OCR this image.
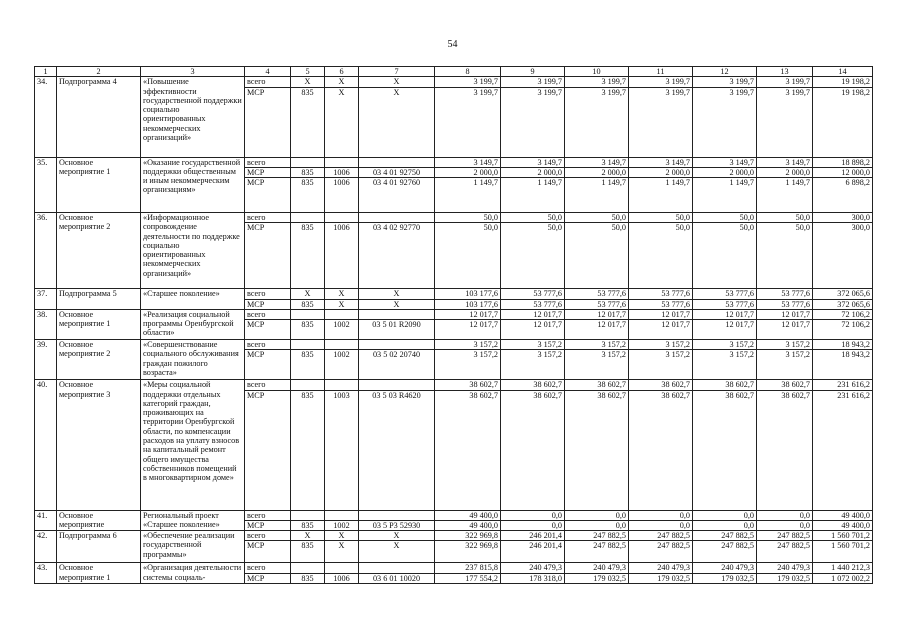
54
1	2	3	4	5	6	7	8	9	10	11	12	13	14
34.	Подпрограмма 4	«Повышение эффективности государственной поддержки социально ориентированных некоммерческих организаций»	всего	Х	Х	Х	3 199,7	3 199,7	3 199,7	3 199,7	3 199,7	3 199,7	19 198,2
			МСР	835	Х	Х	3 199,7	3 199,7	3 199,7	3 199,7	3 199,7	3 199,7	19 198,2
35.	Основное мероприятие 1	«Оказание государственной поддержки общественным и иным некоммерческим организациям»	всего				3 149,7	3 149,7	3 149,7	3 149,7	3 149,7	3 149,7	18 898,2
			МСР	835	1006	03 4 01 92750	2 000,0	2 000,0	2 000,0	2 000,0	2 000,0	2 000,0	12 000,0
			МСР	835	1006	03 4 01 92760	1 149,7	1 149,7	1 149,7	1 149,7	1 149,7	1 149,7	6 898,2
36.	Основное мероприятие 2	«Информационное сопровождение деятельности по поддержке социально ориентированных некоммерческих организаций»	всего				50,0	50,0	50,0	50,0	50,0	50,0	300,0
			МСР	835	1006	03 4 02 92770	50,0	50,0	50,0	50,0	50,0	50,0	300,0
37.	Подпрограмма 5	«Старшее поколение»	всего	Х	Х	Х	103 177,6	53 777,6	53 777,6	53 777,6	53 777,6	53 777,6	372 065,6
			МСР	835	Х	Х	103 177,6	53 777,6	53 777,6	53 777,6	53 777,6	53 777,6	372 065,6
38.	Основное мероприятие 1	«Реализация социальной программы Оренбургской области»	всего				12 017,7	12 017,7	12 017,7	12 017,7	12 017,7	12 017,7	72 106,2
			МСР	835	1002	03 5 01 R2090	12 017,7	12 017,7	12 017,7	12 017,7	12 017,7	12 017,7	72 106,2
39.	Основное мероприятие 2	«Совершенствование социального обслуживания граждан пожилого возраста»	всего				3 157,2	3 157,2	3 157,2	3 157,2	3 157,2	3 157,2	18 943,2
			МСР	835	1002	03 5 02 20740	3 157,2	3 157,2	3 157,2	3 157,2	3 157,2	3 157,2	18 943,2
40.	Основное мероприятие 3	«Меры социальной поддержки отдельных категорий граждан, проживающих на территории Оренбургской области, по компенсации расходов на уплату взносов на капитальный ремонт общего имущества собственников помещений в многоквартирном доме»	всего				38 602,7	38 602,7	38 602,7	38 602,7	38 602,7	38 602,7	231 616,2
			МСР	835	1003	03 5 03 R4620	38 602,7	38 602,7	38 602,7	38 602,7	38 602,7	38 602,7	231 616,2
41.	Основное мероприятие	Региональный проект «Старшее поколение»	всего				49 400,0	0,0	0,0	0,0	0,0	0,0	49 400,0
			МСР	835	1002	03 5 P3 52930	49 400,0	0,0	0,0	0,0	0,0	0,0	49 400,0
42.	Подпрограмма 6	«Обеспечение реализации государственной программы»	всего	Х	Х	Х	322 969,8	246 201,4	247 882,5	247 882,5	247 882,5	247 882,5	1 560 701,2
			МСР	835	Х	Х	322 969,8	246 201,4	247 882,5	247 882,5	247 882,5	247 882,5	1 560 701,2
43.	Основное мероприятие 1	«Организация деятельности системы социаль-	всего				237 815,8	240 479,3	240 479,3	240 479,3	240 479,3	240 479,3	1 440 212,3
			МСР	835	1006	03 6 01 10020	177 554,2	178 318,0	179 032,5	179 032,5	179 032,5	179 032,5	1 072 002,2
